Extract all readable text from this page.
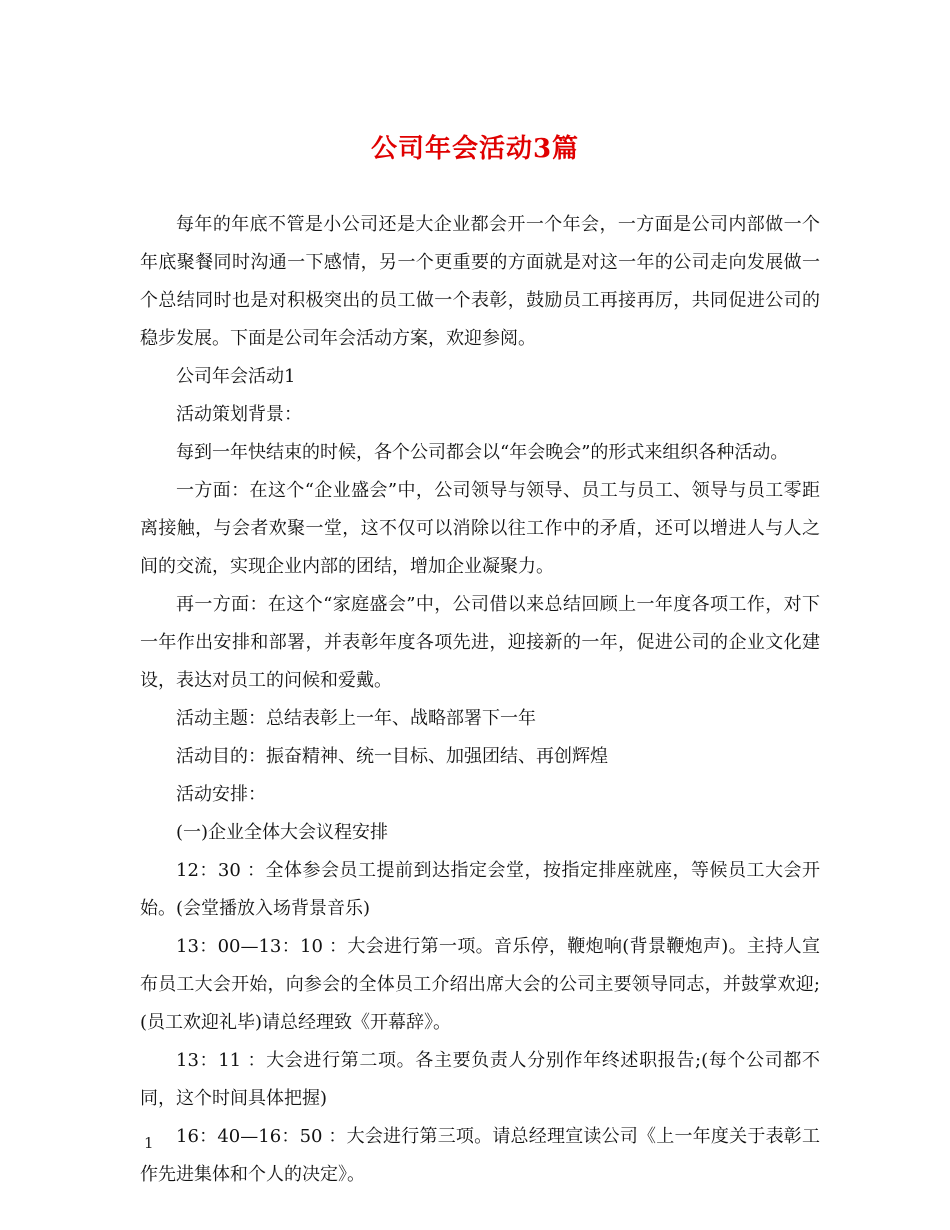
公司年会活动3篇

每年的年底不管是小公司还是大企业都会开一个年会，一方面是公司内部做一个年底聚餐同时沟通一下感情，另一个更重要的方面就是对这一年的公司走向发展做一个总结同时也是对积极突出的员工做一个表彰，鼓励员工再接再厉，共同促进公司的稳步发展。下面是公司年会活动方案，欢迎参阅。

公司年会活动1

活动策划背景：

每到一年快结束的时候，各个公司都会以“年会晚会”的形式来组织各种活动。

一方面：在这个“企业盛会”中，公司领导与领导、员工与员工、领导与员工零距离接触，与会者欢聚一堂，这不仅可以消除以往工作中的矛盾，还可以增进人与人之间的交流，实现企业内部的团结，增加企业凝聚力。

再一方面：在这个“家庭盛会”中，公司借以来总结回顾上一年度各项工作，对下一年作出安排和部署，并表彰年度各项先进，迎接新的一年，促进公司的企业文化建设，表达对员工的问候和爱戴。

活动主题：总结表彰上一年、战略部署下一年

活动目的：振奋精神、统一目标、加强团结、再创辉煌

活动安排：

(一)企业全体大会议程安排

12：30 ：全体参会员工提前到达指定会堂，按指定排座就座，等候员工大会开始。(会堂播放入场背景音乐)

13：00—13：10 ：大会进行第一项。音乐停，鞭炮响(背景鞭炮声)。主持人宣布员工大会开始，向参会的全体员工介绍出席大会的公司主要领导同志，并鼓掌欢迎;(员工欢迎礼毕)请总经理致《开幕辞》。

13：11 ：大会进行第二项。各主要负责人分别作年终述职报告;(每个公司都不同，这个时间具体把握)

16：40—16：50 ：大会进行第三项。请总经理宣读公司《上一年度关于表彰工作先进集体和个人的决定》。

1
